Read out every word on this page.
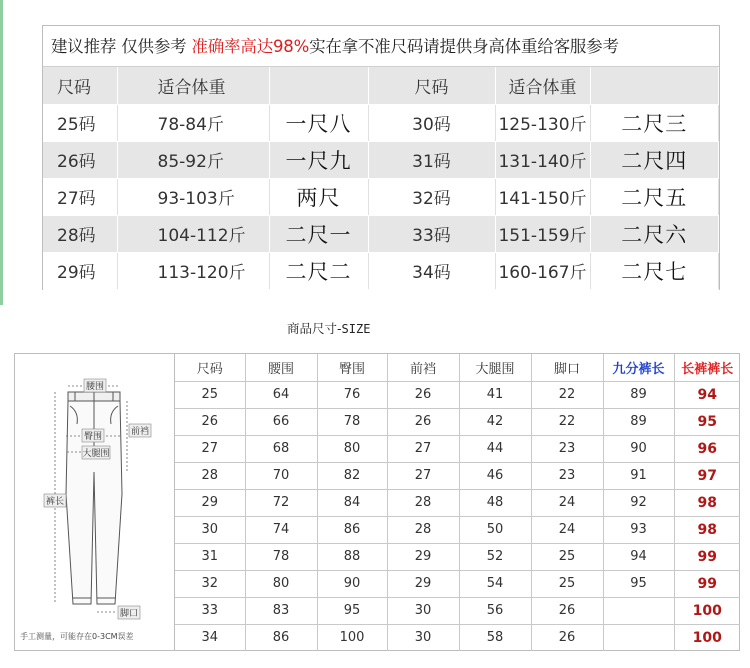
建议推荐 仅供参考 准确率高达98%实在拿不准尺码请提供身高体重给客服参考
尺码	适合体重		尺码	适合体重	
25码	78-84斤	一尺八	30码	125-130斤	二尺三
26码	85-92斤	一尺九	31码	131-140斤	二尺四
27码	93-103斤	两尺	32码	141-150斤	二尺五
28码	104-112斤	二尺一	33码	151-159斤	二尺六
29码	113-120斤	二尺二	34码	160-167斤	二尺七
商品尺寸-SIZE
腰围
臀围	前裆
大腿围
裤长
脚口
手工测量，可能存在0-3CM误差
尺码	腰围	臀围	前裆	大腿围	脚口	九分裤长	长裤裤长
25	64	76	26	41	22	89	94
26	66	78	26	42	22	89	95
27	68	80	27	44	23	90	96
28	70	82	27	46	23	91	97
29	72	84	28	48	24	92	98
30	74	86	28	50	24	93	98
31	78	88	29	52	25	94	99
32	80	90	29	54	25	95	99
33	83	95	30	56	26		100
34	86	100	30	58	26		100
